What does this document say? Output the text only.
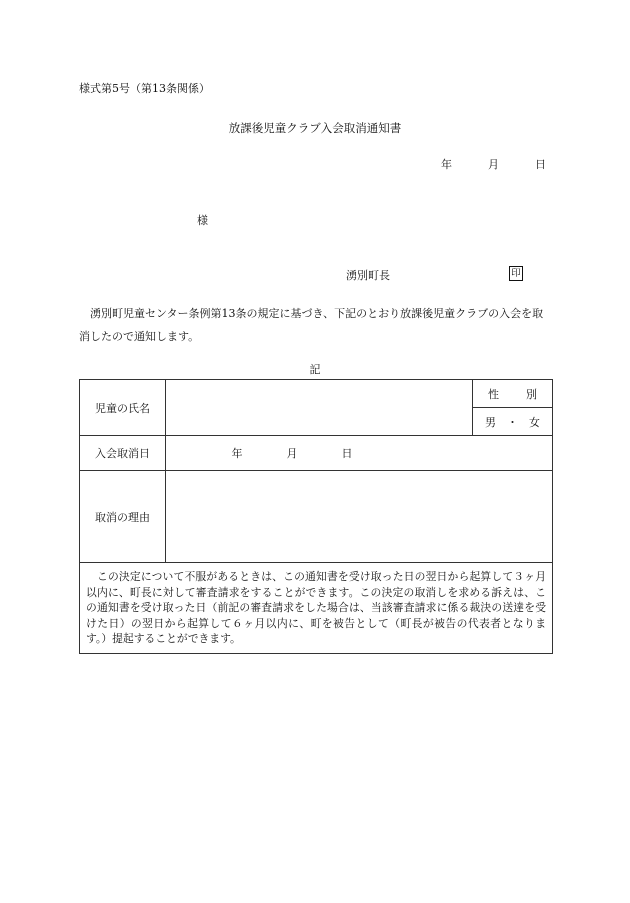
様式第5号（第13条関係）
放課後児童クラブ入会取消通知書
年	月	日
様
湧別町長	印
湧別町児童センター条例第13条の規定に基づき、下記のとおり放課後児童クラブの入会を取消したので通知します。
記
児童の氏名		性 別
		男 ・ 女
入会取消日	年 月 日	
取消の理由		
この決定について不服があるときは、この通知書を受け取った日の翌日から起算して３ヶ月以内に、町長に対して審査請求をすることができます。この決定の取消しを求める訴えは、この通知書を受け取った日（前記の審査請求をした場合は、当該審査請求に係る裁決の送達を受けた日）の翌日から起算して６ヶ月以内に、町を被告として（町長が被告の代表者となります。）提起することができます。		
